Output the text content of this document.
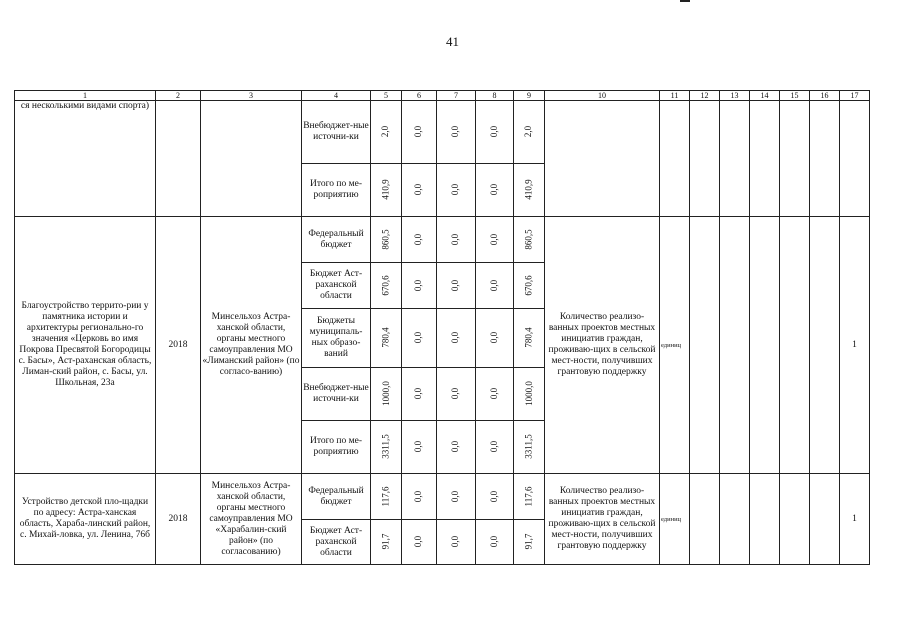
41
1	2	3	4	5	6	7	8	9	10	11	12	13	14	15	16	17
ся несколькими видами спорта)			Внебюджет-ные источни-ки	2,0	0,0	0,0	0,0	2,0								
			Итого по ме-роприятию	410,9	0,0	0,0	0,0	410,9								
Благоустройство террито-рии у памятника истории и архитектуры регионально-го значения «Церковь во имя Покрова Пресвятой Богородицы с. Басы», Аст-раханская область, Лиман-ский район, с. Басы, ул. Школьная, 23а	2018	Минсельхоз Астра-ханской области, органы местного самоуправления МО «Лиманский район» (по согласо-ванию)	Федеральный бюджет	860,5	0,0	0,0	0,0	860,5	Количество реализо-ванных проектов местных инициатив граждан, проживаю-щих в сельской мест-ности, получивших грантовую поддержку	единиц						1
			Бюджет Аст-раханской области	670,6	0,0	0,0	0,0	670,6								
			Бюджеты муниципаль-ных образо-ваний	780,4	0,0	0,0	0,0	780,4								
			Внебюджет-ные источни-ки	1000,0	0,0	0,0	0,0	1000,0								
			Итого по ме-роприятию	3311,5	0,0	0,0	0,0	3311,5								
Устройство детской пло-щадки по адресу: Астра-ханская область, Хараба-линский район, с. Михай-ловка, ул. Ленина, 76б	2018	Минсельхоз Астра-ханской области, органы местного самоуправления МО «Харабалин-ский район» (по согласованию)	Федеральный бюджет	117,6	0,0	0,0	0,0	117,6	Количество реализо-ванных проектов местных инициатив граждан, проживаю-щих в сельской мест-ности, получивших грантовую поддержку	единиц						1
			Бюджет Аст-раханской области	91,7	0,0	0,0	0,0	91,7								
